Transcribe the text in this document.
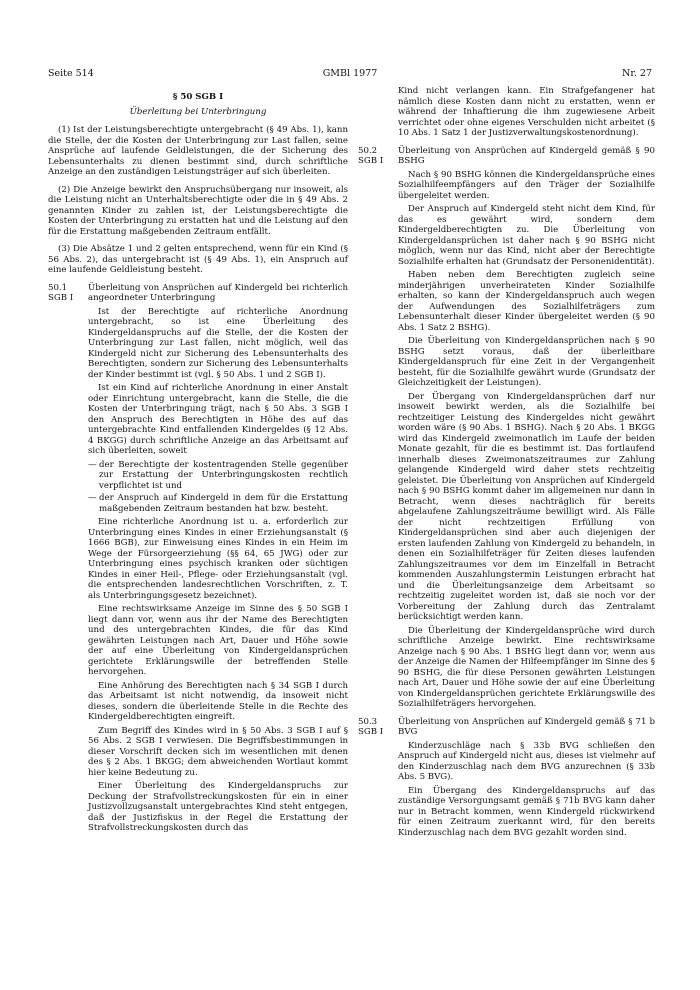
Seite 514	GMBl 1977	Nr. 27

§ 50 SGB I

Überleitung bei Unterbringung

(1) Ist der Leistungsberechtigte untergebracht (§ 49 Abs. 1), kann die Stelle, der die Kosten der Unterbringung zur Last fallen, seine Ansprüche auf laufende Geldleistungen, die der Sicherung des Lebensunterhalts zu dienen bestimmt sind, durch schriftliche Anzeige an den zuständigen Leistungsträger auf sich überleiten.

(2) Die Anzeige bewirkt den Anspruchsübergang nur insoweit, als die Leistung nicht an Unterhaltsberechtigte oder die in § 49 Abs. 2 genannten Kinder zu zahlen ist, der Leistungsberechtigte die Kosten der Unterbringung zu erstatten hat und die Leistung auf den für die Erstattung maßgebenden Zeitraum entfällt.

(3) Die Absätze 1 und 2 gelten entsprechend, wenn für ein Kind (§ 56 Abs. 2), das untergebracht ist (§ 49 Abs. 1), ein Anspruch auf eine laufende Geldleistung besteht.

50.1
SGB I

Überleitung von Ansprüchen auf Kindergeld bei richterlich angeordneter Unterbringung

Ist der Berechtigte auf richterliche Anordnung untergebracht, so ist eine Überleitung des Kindergeldanspruchs auf die Stelle, der die Kosten der Unterbringung zur Last fallen, nicht möglich, weil das Kindergeld nicht zur Sicherung des Lebensunterhalts des Berechtigten, sondern zur Sicherung des Lebensunterhalts der Kinder bestimmt ist (vgl. § 50 Abs. 1 und 2 SGB I).

Ist ein Kind auf richterliche Anordnung in einer Anstalt oder Einrichtung untergebracht, kann die Stelle, die die Kosten der Unterbringung trägt, nach § 50 Abs. 3 SGB I den Anspruch des Berechtigten in Höhe des auf das untergebrachte Kind entfallenden Kindergeldes (§ 12 Abs. 4 BKGG) durch schriftliche Anzeige an das Arbeitsamt auf sich überleiten, soweit

— der Berechtigte der kostentragenden Stelle gegenüber zur Erstattung der Unterbringungskosten rechtlich verpflichtet ist und
— der Anspruch auf Kindergeld in dem für die Erstattung maßgebenden Zeitraum bestanden hat bzw. besteht.

Eine richterliche Anordnung ist u. a. erforderlich zur Unterbringung eines Kindes in einer Erziehungsanstalt (§ 1666 BGB), zur Einweisung eines Kindes in ein Heim im Wege der Fürsorgeerziehung (§§ 64, 65 JWG) oder zur Unterbringung eines psychisch kranken oder süchtigen Kindes in einer Heil-, Pflege- oder Erziehungsanstalt (vgl. die entsprechenden landesrechtlichen Vorschriften, z. T. als Unterbringungsgesetz bezeichnet).

Eine rechtswirksame Anzeige im Sinne des § 50 SGB I liegt dann vor, wenn aus ihr der Name des Berechtigten und des untergebrachten Kindes, die für das Kind gewährten Leistungen nach Art, Dauer und Höhe sowie der auf eine Überleitung von Kindergeldansprüchen gerichtete Erklärungswille der betreffenden Stelle hervorgehen.

Eine Anhörung des Berechtigten nach § 34 SGB I durch das Arbeitsamt ist nicht notwendig, da insoweit nicht dieses, sondern die überleitende Stelle in die Rechte des Kindergeldberechtigten eingreift.

Zum Begriff des Kindes wird in § 50 Abs. 3 SGB I auf § 56 Abs. 2 SGB I verwiesen. Die Begriffsbestimmungen in dieser Vorschrift decken sich im wesentlichen mit denen des § 2 Abs. 1 BKGG; dem abweichenden Wortlaut kommt hier keine Bedeutung zu.

Einer Überleitung des Kindergeldanspruchs zur Deckung der Strafvollstreckungskosten für ein in einer Justizvollzugsanstalt untergebrachtes Kind steht entgegen, daß der Justizfiskus in der Regel die Erstattung der Strafvollstreckungskosten durch das

Kind nicht verlangen kann. Ein Strafgefangener hat nämlich diese Kosten dann nicht zu erstatten, wenn er während der Inhaftierung die ihm zugewiesene Arbeit verrichtet oder ohne eigenes Verschulden nicht arbeitet (§ 10 Abs. 1 Satz 1 der Justizverwaltungskostenordnung).

50.2
SGB I

Überleitung von Ansprüchen auf Kindergeld gemäß § 90 BSHG

Nach § 90 BSHG können die Kindergeldansprüche eines Sozialhilfeempfängers auf den Träger der Sozialhilfe übergeleitet werden.

Der Anspruch auf Kindergeld steht nicht dem Kind, für das es gewährt wird, sondern dem Kindergeldberechtigten zu. Die Überleitung von Kindergeldansprüchen ist daher nach § 90 BSHG nicht möglich, wenn nur das Kind, nicht aber der Berechtigte Sozialhilfe erhalten hat (Grundsatz der Personenidentität).

Haben neben dem Berechtigten zugleich seine minderjährigen unverheirateten Kinder Sozialhilfe erhalten, so kann der Kindergeldanspruch auch wegen der Aufwendungen des Sozialhilfeträgers zum Lebensunterhalt dieser Kinder übergeleitet werden (§ 90 Abs. 1 Satz 2 BSHG).

Die Überleitung von Kindergeldansprüchen nach § 90 BSHG setzt voraus, daß der überleitbare Kindergeldanspruch für eine Zeit in der Vergangenheit besteht, für die Sozialhilfe gewährt wurde (Grundsatz der Gleichzeitigkeit der Leistungen).

Der Übergang von Kindergeldansprüchen darf nur insoweit bewirkt werden, als die Sozialhilfe bei rechtzeitiger Leistung des Kindergeldes nicht gewährt worden wäre (§ 90 Abs. 1 BSHG). Nach § 20 Abs. 1 BKGG wird das Kindergeld zweimonatlich im Laufe der beiden Monate gezahlt, für die es bestimmt ist. Das fortlaufend innerhalb dieses Zweimonatszeitraumes zur Zahlung gelangende Kindergeld wird daher stets rechtzeitig geleistet. Die Überleitung von Ansprüchen auf Kindergeld nach § 90 BSHG kommt daher im allgemeinen nur dann in Betracht, wenn dieses nachträglich für bereits abgelaufene Zahlungszeiträume bewilligt wird. Als Fälle der nicht rechtzeitigen Erfüllung von Kindergeldansprüchen sind aber auch diejenigen der ersten laufenden Zahlung von Kindergeld zu behandeln, in denen ein Sozialhilfeträger für Zeiten dieses laufenden Zahlungszeitraumes vor dem im Einzelfall in Betracht kommenden Auszahlungstermin Leistungen erbracht hat und die Überleitungsanzeige dem Arbeitsamt so rechtzeitig zugeleitet worden ist, daß sie noch vor der Vorbereitung der Zahlung durch das Zentralamt berücksichtigt werden kann.

Die Überleitung der Kindergeldansprüche wird durch schriftliche Anzeige bewirkt. Eine rechtswirksame Anzeige nach § 90 Abs. 1 BSHG liegt dann vor, wenn aus der Anzeige die Namen der Hilfeempfänger im Sinne des § 90 BSHG, die für diese Personen gewährten Leistungen nach Art, Dauer und Höhe sowie der auf eine Überleitung von Kindergeldansprüchen gerichtete Erklärungswille des Sozialhilfeträgers hervorgehen.

50.3
SGB I

Überleitung von Ansprüchen auf Kindergeld gemäß § 71 b BVG

Kinderzuschläge nach § 33b BVG schließen den Anspruch auf Kindergeld nicht aus, dieses ist vielmehr auf den Kinderzuschlag nach dem BVG anzurechnen (§ 33b Abs. 5 BVG).

Ein Übergang des Kindergeldanspruchs auf das zuständige Versorgungsamt gemäß § 71b BVG kann daher nur in Betracht kommen, wenn Kindergeld rückwirkend für einen Zeitraum zuerkannt wird, für den bereits Kinderzuschlag nach dem BVG gezahlt worden sind.
